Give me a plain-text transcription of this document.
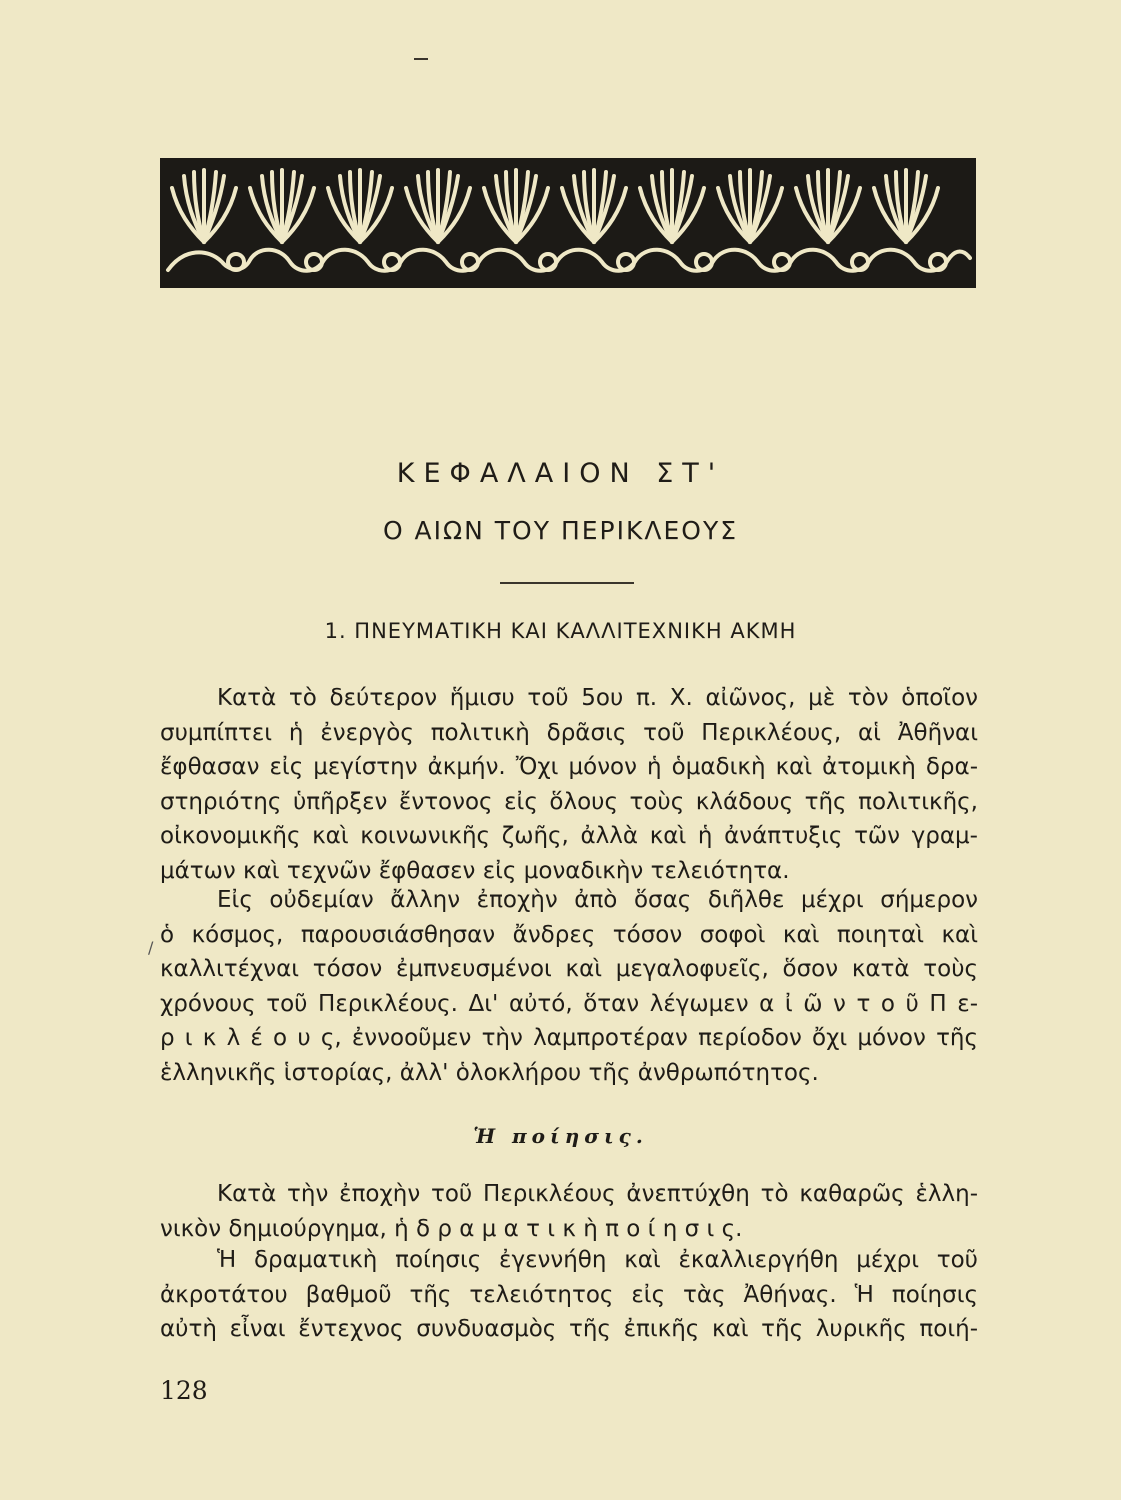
ΚΕΦΑΛΑΙΟΝ ΣΤ'
Ο ΑΙΩΝ ΤΟΥ ΠΕΡΙΚΛΕΟΥΣ
1. ΠΝΕΥΜΑΤΙΚΗ ΚΑΙ ΚΑΛΛΙΤΕΧΝΙΚΗ ΑΚΜΗ
Κατὰ τὸ δεύτερον ἥμισυ τοῦ 5ου π. Χ. αἰῶνος, μὲ τὸν ὁποῖον
συμπίπτει ἡ ἐνεργὸς πολιτικὴ δρᾶσις τοῦ Περικλέους, αἱ Ἀθῆναι
ἔφθασαν εἰς μεγίστην ἀκμήν. Ὄχι μόνον ἡ ὁμαδικὴ καὶ ἀτομικὴ δρα-
στηριότης ὑπῆρξεν ἔντονος εἰς ὅλους τοὺς κλάδους τῆς πολιτικῆς,
οἰκονομικῆς καὶ κοινωνικῆς ζωῆς, ἀλλὰ καὶ ἡ ἀνάπτυξις τῶν γραμ-
μάτων καὶ τεχνῶν ἔφθασεν εἰς μοναδικὴν τελειότητα.
/
Εἰς οὐδεμίαν ἄλλην ἐποχὴν ἀπὸ ὅσας διῆλθε μέχρι σήμερον
ὁ κόσμος, παρουσιάσθησαν ἄνδρες τόσον σοφοὶ καὶ ποιηταὶ καὶ
καλλιτέχναι τόσον ἐμπνευσμένοι καὶ μεγαλοφυεῖς, ὅσον κατὰ τοὺς
χρόνους τοῦ Περικλέους. Δι' αὐτό, ὅταν λέγωμεν α ἰ ῶ ν τ ο ῦ Π ε-
ρ ι κ λ έ ο υ ς, ἐννοοῦμεν τὴν λαμπροτέραν περίοδον ὄχι μόνον τῆς
ἑλληνικῆς ἱστορίας, ἀλλ' ὁλοκλήρου τῆς ἀνθρωπότητος.
Ἡ ποίησις.
Κατὰ τὴν ἐποχὴν τοῦ Περικλέους ἀνεπτύχθη τὸ καθαρῶς ἑλλη-
νικὸν δημιούργημα, ἡ δ ρ α μ α τ ι κ ὴ π ο ί η σ ι ς.
Ἡ δραματικὴ ποίησις ἐγεννήθη καὶ ἐκαλλιεργήθη μέχρι τοῦ
ἀκροτάτου βαθμοῦ τῆς τελειότητος εἰς τὰς Ἀθήνας. Ἡ ποίησις
αὐτὴ εἶναι ἔντεχνος συνδυασμὸς τῆς ἐπικῆς καὶ τῆς λυρικῆς ποιή-
128
